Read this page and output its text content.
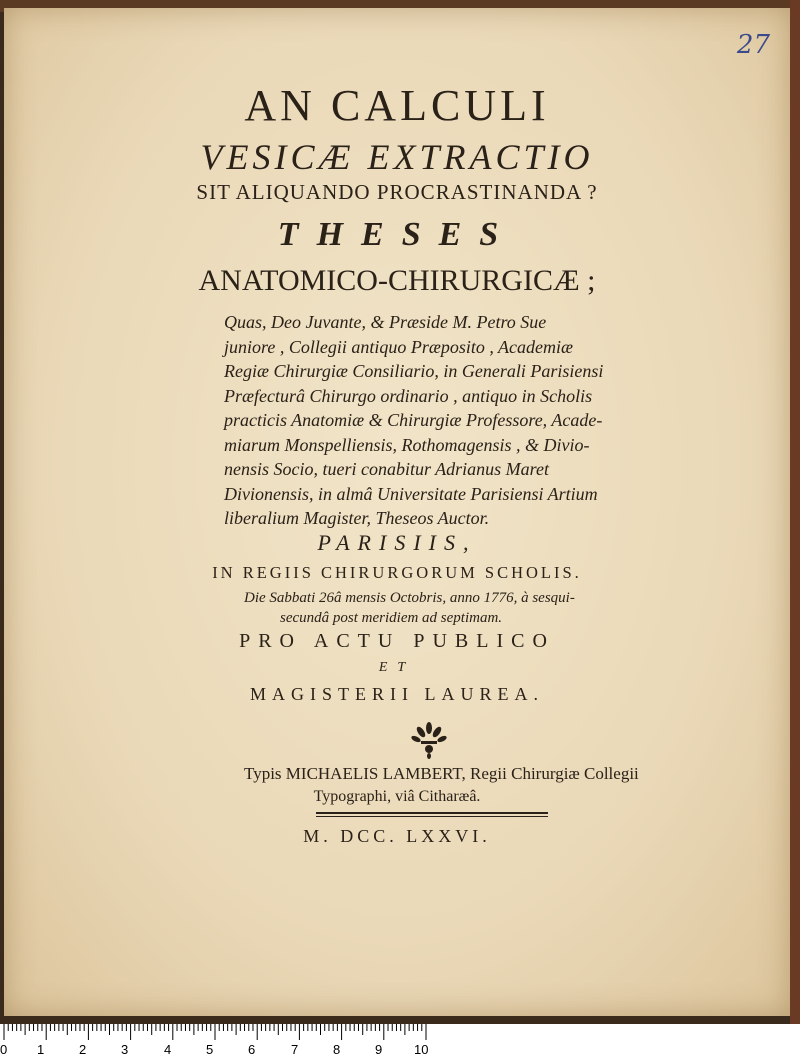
27
AN CALCULI
VESICÆ EXTRACTIO
SIT ALIQUANDO PROCRASTINANDA ?
THESES
ANATOMICO-CHIRURGICÆ ;
Quas, Deo Juvante, & Præside M. Petro Sue
juniore , Collegii antiquo Præposito , Academiæ
Regiæ Chirurgiæ Consiliario, in Generali Parisiensi
Præfecturâ Chirurgo ordinario , antiquo in Scholis
practicis Anatomiæ & Chirurgiæ Professore, Acade-
miarum Monspelliensis, Rothomagensis , & Divio-
nensis Socio, tueri conabitur Adrianus Maret
Divionensis, in almâ Universitate Parisiensi Artium
liberalium Magister, Theseos Auctor.
PARISIIS,
IN REGIIS CHIRURGORUM SCHOLIS.
Die Sabbati 26â mensis Octobris, anno 1776, à sesqui-
secundâ post meridiem ad septimam.
PRO ACTU PUBLICO
ET
MAGISTERII LAUREA.
Typis MICHAELIS LAMBERT, Regii Chirurgiæ Collegii
Typographi, viâ Citharæâ.
M. DCC. LXXVI.
0 1	2	3	4	5	6	7	8	9 10
